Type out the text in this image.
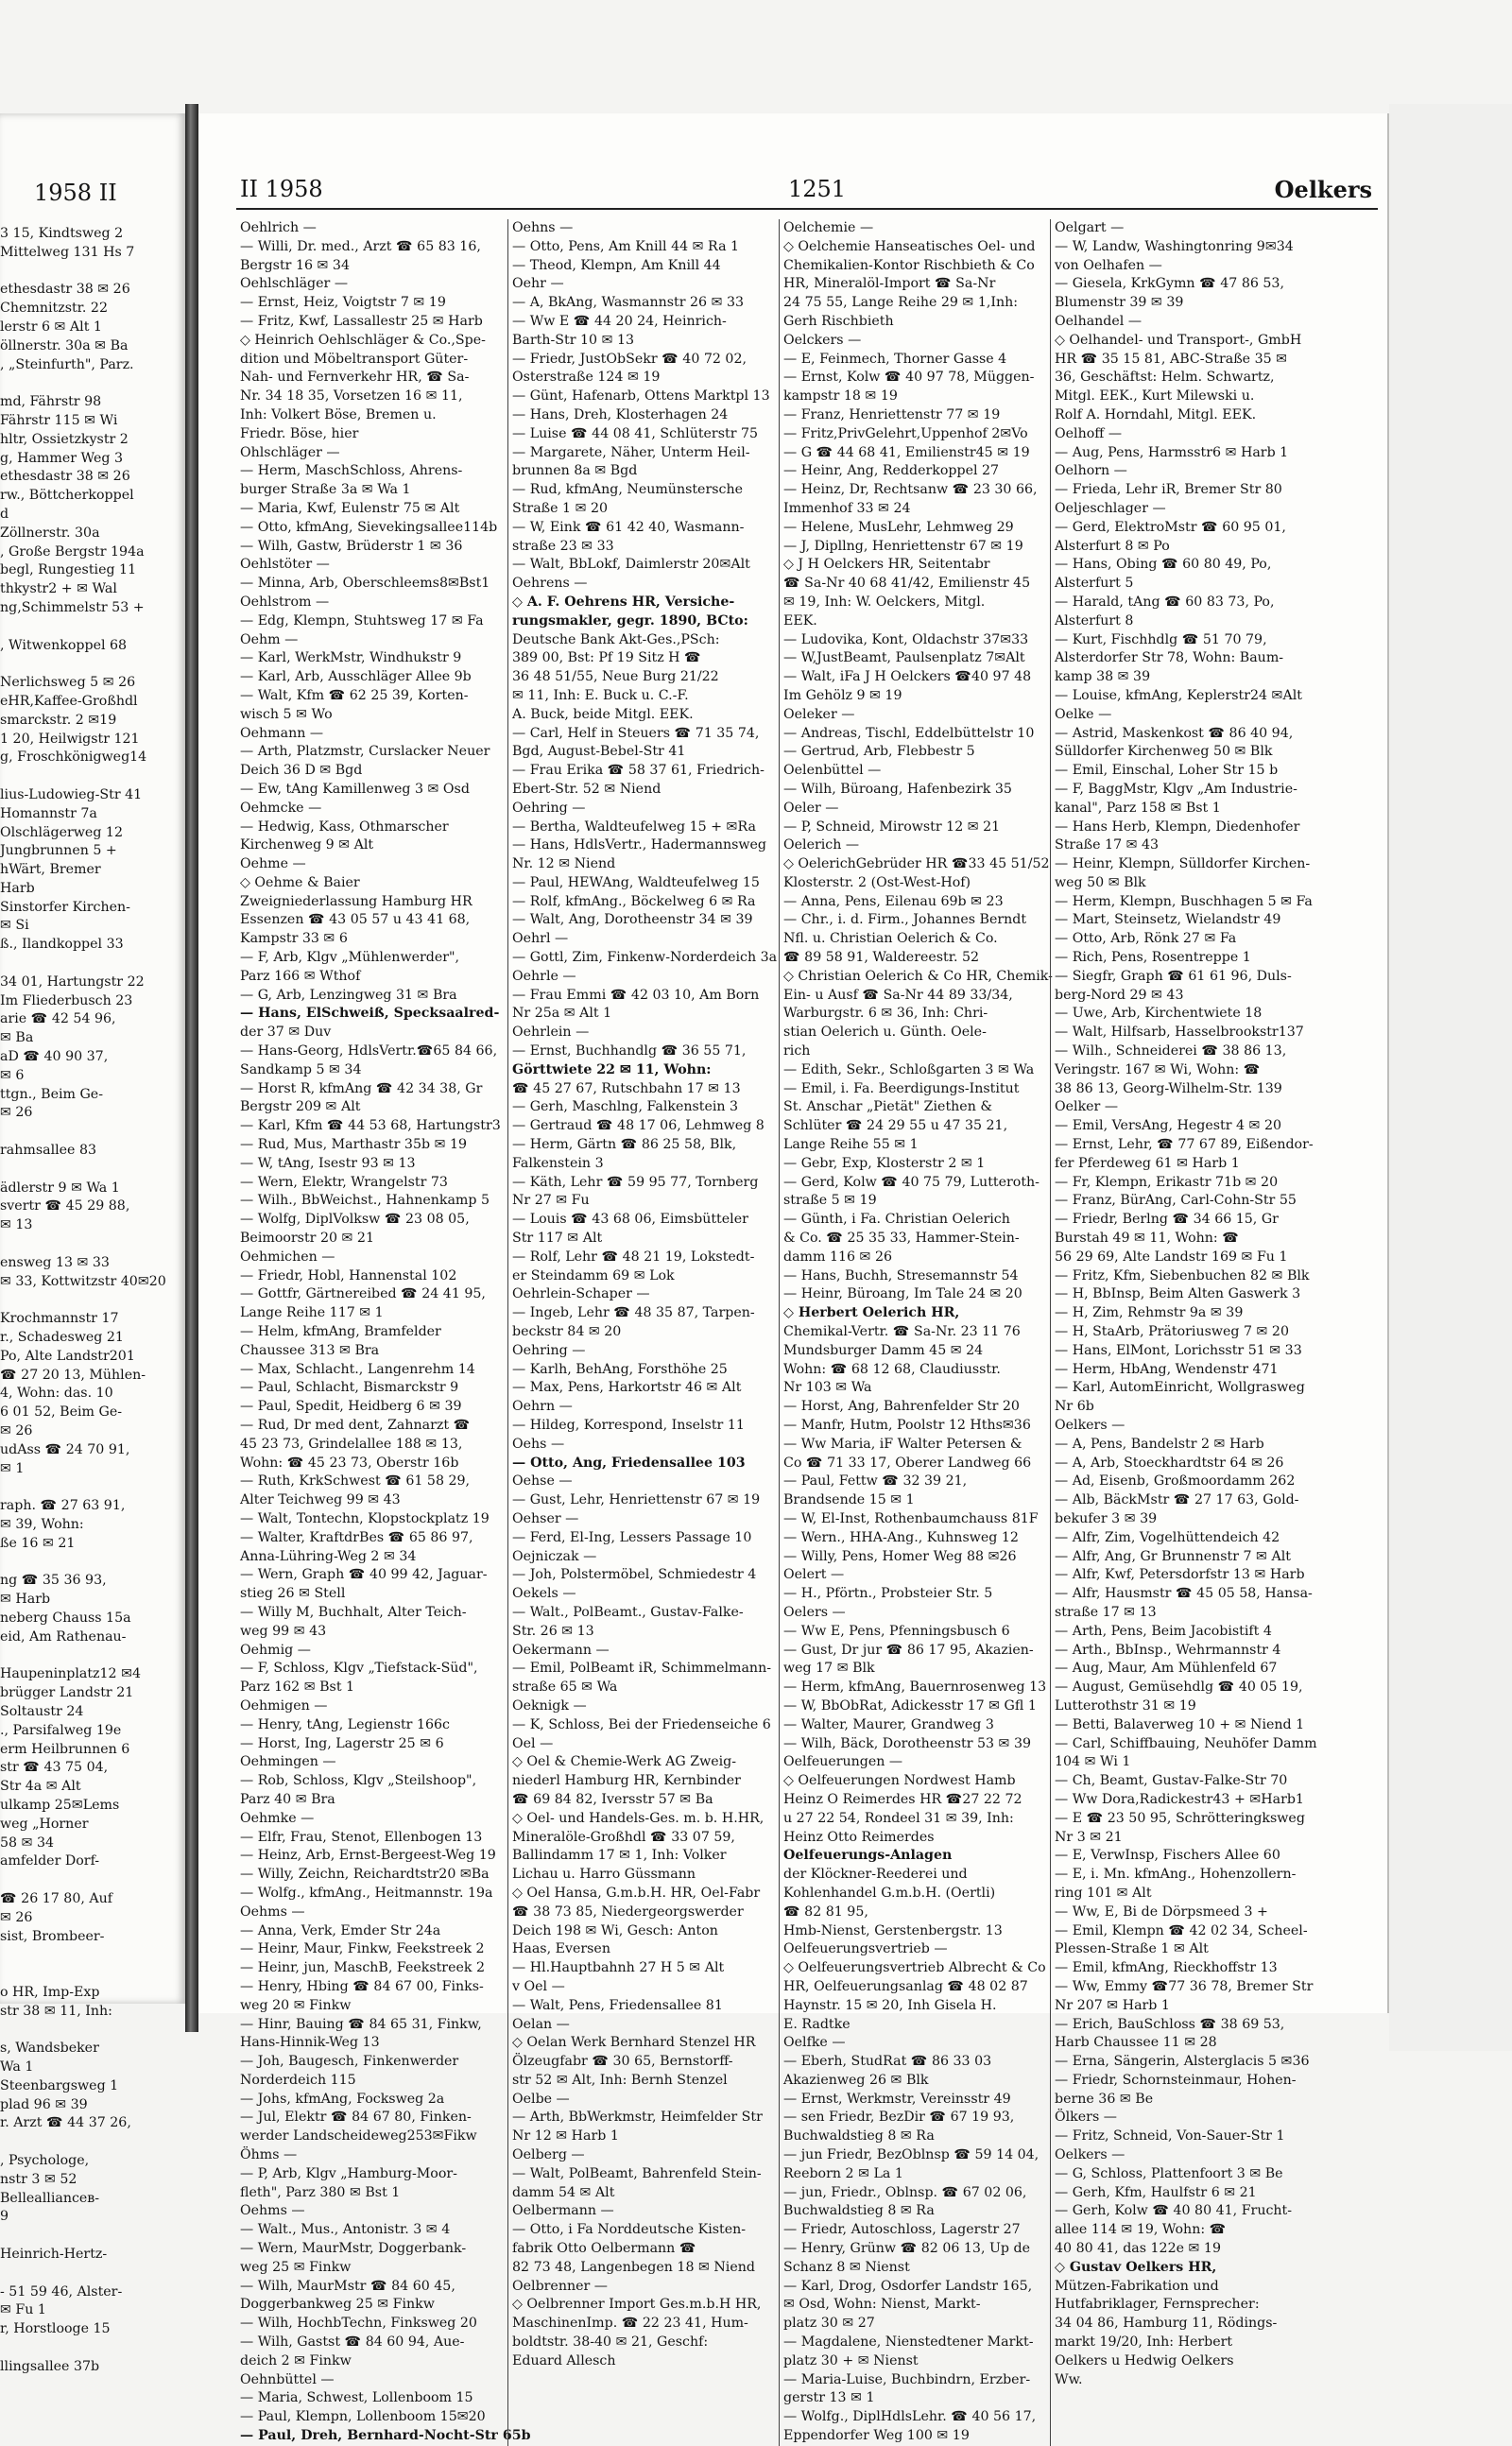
1958 II
3 15, Kindtsweg 2
Mittelweg 131 Hs 7

ethesdastr 38 ✉ 26
Chemnitzstr. 22
lerstr 6 ✉ Alt 1
öllnerstr. 30a ✉ Ba
, „Steinfurth", Parz.

md, Fährstr 98
Fährstr 115 ✉ Wi
hltr, Ossietzkystr 2
g, Hammer Weg 3
ethesdastr 38 ✉ 26
rw., Böttcherkoppel
d
Zöllnerstr. 30a
, Große Bergstr 194a
begl, Rungestieg 11
thkystr2 + ✉ Wal
ng,Schimmelstr 53 +

, Witwenkoppel 68

Nerlichsweg 5 ✉ 26
eHR,Kaffee-Großhdl
smarckstr. 2 ✉19
1 20, Heilwigstr 121
g, Froschkönigweg14

lius-Ludowieg-Str 41
Homannstr 7a
Olschlägerweg 12
Jungbrunnen 5 +
hWärt, Bremer
Harb
Sinstorfer Kirchen-
✉ Si
ß., Ilandkoppel 33

34 01, Hartungstr 22
Im Fliederbusch 23
arie ☎ 42 54 96,
✉ Ba
aD ☎ 40 90 37,
✉ 6
ttgn., Beim Ge-
✉ 26

rahmsallee 83

ädlerstr 9 ✉ Wa 1
svertr ☎ 45 29 88,
✉ 13

ensweg 13 ✉ 33
✉ 33, Kottwitzstr 40✉20

Krochmannstr 17
r., Schadesweg 21
Po, Alte Landstr201
☎ 27 20 13, Mühlen-
4, Wohn: das. 10
6 01 52, Beim Ge-
✉ 26
udAss ☎ 24 70 91,
✉ 1

raph. ☎ 27 63 91,
✉ 39, Wohn:
ße 16 ✉ 21

ng ☎ 35 36 93,
✉ Harb
neberg Chauss 15a
eid, Am Rathenau-

Haupeninplatz12 ✉4
brügger Landstr 21
Soltaustr 24
., Parsifalweg 19e
erm Heilbrunnen 6
str ☎ 43 75 04,
Str 4a ✉ Alt
ulkamp 25✉Lems
weg „Horner
58 ✉ 34
amfelder Dorf-

☎ 26 17 80, Auf
✉ 26
sist, Brombeer-

o HR, Imp-Exp
str 38 ✉ 11, Inh:

s, Wandsbeker
Wa 1
Steenbargsweg 1
plad 96 ✉ 39
r. Arzt ☎ 44 37 26,

, Psychologe,
nstr 3 ✉ 52
Belleallianceв-
9

Heinrich-Hertz-

- 51 59 46, Alster-
✉ Fu 1
r, Horstlooge 15

llingsallee 37b
II 1958	1251	Oelkers
Oehlrich —
— Willi, Dr. med., Arzt ☎ 65 83 16,
Bergstr 16 ✉ 34
Oehlschläger —
— Ernst, Heiz, Voigtstr 7 ✉ 19
— Fritz, Kwf, Lassallestr 25 ✉ Harb
◇ Heinrich Oehlschläger & Co.,Spe-
dition und Möbeltransport Güter-
Nah- und Fernverkehr HR, ☎ Sa-
Nr. 34 18 35, Vorsetzen 16 ✉ 11,
Inh: Volkert Böse, Bremen u.
Friedr. Böse, hier
Ohlschläger —
— Herm, MaschSchloss, Ahrens-
burger Straße 3a ✉ Wa 1
— Maria, Kwf, Eulenstr 75 ✉ Alt
— Otto, kfmAng, Sievekingsallee114b
— Wilh, Gastw, Brüderstr 1 ✉ 36
Oehlstöter —
— Minna, Arb, Oberschleems8✉Bst1
Oehlstrom —
— Edg, Klempn, Stuhtsweg 17 ✉ Fa
Oehm —
— Karl, WerkMstr, Windhukstr 9
— Karl, Arb, Ausschläger Allee 9b
— Walt, Kfm ☎ 62 25 39, Korten-
wisch 5 ✉ Wo
Oehmann —
— Arth, Platzmstr, Curslacker Neuer
Deich 36 D ✉ Bgd
— Ew, tAng Kamillenweg 3 ✉ Osd
Oehmcke —
— Hedwig, Kass, Othmarscher
Kirchenweg 9 ✉ Alt
Oehme —
◇ Oehme & Baier
Zweigniederlassung Hamburg HR
Essenzen ☎ 43 05 57 u 43 41 68,
Kampstr 33 ✉ 6
— F, Arb, Klgv „Mühlenwerder",
Parz 166 ✉ Wthof
— G, Arb, Lenzingweg 31 ✉ Bra
— Hans, ElSchweiß, Specksaalred-
der 37 ✉ Duv
— Hans-Georg, HdlsVertr.☎65 84 66,
Sandkamp 5 ✉ 34
— Horst R, kfmAng ☎ 42 34 38, Gr
Bergstr 209 ✉ Alt
— Karl, Kfm ☎ 44 53 68, Hartungstr3
— Rud, Mus, Marthastr 35b ✉ 19
— W, tAng, Isestr 93 ✉ 13
— Wern, Elektr, Wrangelstr 73
— Wilh., BbWeichst., Hahnenkamp 5
— Wolfg, DiplVolksw ☎ 23 08 05,
Beimoorstr 20 ✉ 21
Oehmichen —
— Friedr, Hobl, Hannenstal 102
— Gottfr, Gärtnereibed ☎ 24 41 95,
Lange Reihe 117 ✉ 1
— Helm, kfmAng, Bramfelder
Chaussee 313 ✉ Bra
— Max, Schlacht., Langenrehm 14
— Paul, Schlacht, Bismarckstr 9
— Paul, Spedit, Heidberg 6 ✉ 39
— Rud, Dr med dent, Zahnarzt ☎
45 23 73, Grindelallee 188 ✉ 13,
Wohn: ☎ 45 23 73, Oberstr 16b
— Ruth, KrkSchwest ☎ 61 58 29,
Alter Teichweg 99 ✉ 43
— Walt, Tontechn, Klopstockplatz 19
— Walter, KraftdrBes ☎ 65 86 97,
Anna-Lühring-Weg 2 ✉ 34
— Wern, Graph ☎ 40 99 42, Jaguar-
stieg 26 ✉ Stell
— Willy M, Buchhalt, Alter Teich-
weg 99 ✉ 43
Oehmig —
— F, Schloss, Klgv „Tiefstack-Süd",
Parz 162 ✉ Bst 1
Oehmigen —
— Henry, tAng, Legienstr 166c
— Horst, Ing, Lagerstr 25 ✉ 6
Oehmingen —
— Rob, Schloss, Klgv „Steilshoop",
Parz 40 ✉ Bra
Oehmke —
— Elfr, Frau, Stenot, Ellenbogen 13
— Heinz, Arb, Ernst-Bergeest-Weg 19
— Willy, Zeichn, Reichardtstr20 ✉Ba
— Wolfg., kfmAng., Heitmannstr. 19a
Oehms —
— Anna, Verk, Emder Str 24a
— Heinr, Maur, Finkw, Feekstreek 2
— Heinr, jun, MaschB, Feekstreek 2
— Henry, Hbing ☎ 84 67 00, Finks-
weg 20 ✉ Finkw
— Hinr, Bauing ☎ 84 65 31, Finkw,
Hans-Hinnik-Weg 13
— Joh, Baugesch, Finkenwerder
Norderdeich 115
— Johs, kfmAng, Focksweg 2a
— Jul, Elektr ☎ 84 67 80, Finken-
werder Landscheideweg253✉Fikw
Öhms —
— P, Arb, Klgv „Hamburg-Moor-
fleth", Parz 380 ✉ Bst 1
Oehms —
— Walt., Mus., Antonistr. 3 ✉ 4
— Wern, MaurMstr, Doggerbank-
weg 25 ✉ Finkw
— Wilh, MaurMstr ☎ 84 60 45,
Doggerbankweg 25 ✉ Finkw
— Wilh, HochbTechn, Finksweg 20
— Wilh, Gastst ☎ 84 60 94, Aue-
deich 2 ✉ Finkw
Oehnbüttel —
— Maria, Schwest, Lollenboom 15
— Paul, Klempn, Lollenboom 15✉20
— Paul, Dreh, Bernhard-Nocht-Str 65b
Oehns —
— Otto, Pens, Am Knill 44 ✉ Ra 1
— Theod, Klempn, Am Knill 44
Oehr —
— A, BkAng, Wasmannstr 26 ✉ 33
— Ww E ☎ 44 20 24, Heinrich-
Barth-Str 10 ✉ 13
— Friedr, JustObSekr ☎ 40 72 02,
Osterstraße 124 ✉ 19
— Günt, Hafenarb, Ottens Marktpl 13
— Hans, Dreh, Klosterhagen 24
— Luise ☎ 44 08 41, Schlüterstr 75
— Margarete, Näher, Unterm Heil-
brunnen 8a ✉ Bgd
— Rud, kfmAng, Neumünstersche
Straße 1 ✉ 20
— W, Eink ☎ 61 42 40, Wasmann-
straße 23 ✉ 33
— Walt, BbLokf, Daimlerstr 20✉Alt
Oehrens —
◇ A. F. Oehrens HR, Versiche-
rungsmakler, gegr. 1890, BCto:
Deutsche Bank Akt-Ges.,PSch:
389 00, Bst: Pf 19 Sitz H ☎
36 48 51/55, Neue Burg 21/22
✉ 11, Inh: E. Buck u. C.-F.
A. Buck, beide Mitgl. EEK.
— Carl, Helf in Steuers ☎ 71 35 74,
Bgd, August-Bebel-Str 41
— Frau Erika ☎ 58 37 61, Friedrich-
Ebert-Str. 52 ✉ Niend
Oehring —
— Bertha, Waldteufelweg 15 + ✉Ra
— Hans, HdlsVertr., Hadermannsweg
Nr. 12 ✉ Niend
— Paul, HEWAng, Waldteufelweg 15
— Rolf, kfmAng., Böckelweg 6 ✉ Ra
— Walt, Ang, Dorotheenstr 34 ✉ 39
Oehrl —
— Gottl, Zim, Finkenw-Norderdeich 3a
Oehrle —
— Frau Emmi ☎ 42 03 10, Am Born
Nr 25a ✉ Alt 1
Oehrlein —
— Ernst, Buchhandlg ☎ 36 55 71,
Görttwiete 22 ✉ 11, Wohn:
☎ 45 27 67, Rutschbahn 17 ✉ 13
— Gerh, Maschlng, Falkenstein 3
— Gertraud ☎ 48 17 06, Lehmweg 8
— Herm, Gärtn ☎ 86 25 58, Blk,
Falkenstein 3
— Käth, Lehr ☎ 59 95 77, Tornberg
Nr 27 ✉ Fu
— Louis ☎ 43 68 06, Eimsbütteler
Str 117 ✉ Alt
— Rolf, Lehr ☎ 48 21 19, Lokstedt-
er Steindamm 69 ✉ Lok
Oehrlein-Schaper —
— Ingeb, Lehr ☎ 48 35 87, Tarpen-
beckstr 84 ✉ 20
Oehring —
— Karlh, BehAng, Forsthöhe 25
— Max, Pens, Harkortstr 46 ✉ Alt
Oehrn —
— Hildeg, Korrespond, Inselstr 11
Oehs —
— Otto, Ang, Friedensallee 103
Oehse —
— Gust, Lehr, Henriettenstr 67 ✉ 19
Oehser —
— Ferd, El-Ing, Lessers Passage 10
Oejniczak —
— Joh, Polstermöbel, Schmiedestr 4
Oekels —
— Walt., PolBeamt., Gustav-Falke-
Str. 26 ✉ 13
Oekermann —
— Emil, PolBeamt iR, Schimmelmann-
straße 65 ✉ Wa
Oeknigk —
— K, Schloss, Bei der Friedenseiche 6
Oel —
◇ Oel & Chemie-Werk AG Zweig-
niederl Hamburg HR, Kernbinder
☎ 69 84 82, Iversstr 57 ✉ Ba
◇ Oel- und Handels-Ges. m. b. H.HR,
Mineralöle-Großhdl ☎ 33 07 59,
Ballindamm 17 ✉ 1, Inh: Volker
Lichau u. Harro Güssmann
◇ Oel Hansa, G.m.b.H. HR, Oel-Fabr
☎ 38 73 85, Niedergeorgswerder
Deich 198 ✉ Wi, Gesch: Anton
Haas, Eversen
— Hl.Hauptbahnh 27 H 5 ✉ Alt
v Oel —
— Walt, Pens, Friedensallee 81
Oelan —
◇ Oelan Werk Bernhard Stenzel HR
Ölzeugfabr ☎ 30 65, Bernstorff-
str 52 ✉ Alt, Inh: Bernh Stenzel
Oelbe —
— Arth, BbWerkmstr, Heimfelder Str
Nr 12 ✉ Harb 1
Oelberg —
— Walt, PolBeamt, Bahrenfeld Stein-
damm 54 ✉ Alt
Oelbermann —
— Otto, i Fa Norddeutsche Kisten-
fabrik Otto Oelbermann ☎
82 73 48, Langenbegen 18 ✉ Niend
Oelbrenner —
◇ Oelbrenner Import Ges.m.b.H HR,
MaschinenImp. ☎ 22 23 41, Hum-
boldtstr. 38-40 ✉ 21, Geschf:
Eduard Allesch
Oelchemie —
◇ Oelchemie Hanseatisches Oel- und
Chemikalien-Kontor Rischbieth & Co
HR, Mineralöl-Import ☎ Sa-Nr
24 75 55, Lange Reihe 29 ✉ 1,Inh:
Gerh Rischbieth
Oelckers —
— E, Feinmech, Thorner Gasse 4
— Ernst, Kolw ☎ 40 97 78, Müggen-
kampstr 18 ✉ 19
— Franz, Henriettenstr 77 ✉ 19
— Fritz,PrivGelehrt,Uppenhof 2✉Vo
— G ☎ 44 68 41, Emilienstr45 ✉ 19
— Heinr, Ang, Redderkoppel 27
— Heinz, Dr, Rechtsanw ☎ 23 30 66,
Immenhof 33 ✉ 24
— Helene, MusLehr, Lehmweg 29
— J, Dipllng, Henriettenstr 67 ✉ 19
◇ J H Oelckers HR, Seitentabr
☎ Sa-Nr 40 68 41/42, Emilienstr 45
✉ 19, Inh: W. Oelckers, Mitgl.
EEK.
— Ludovika, Kont, Oldachstr 37✉33
— W,JustBeamt, Paulsenplatz 7✉Alt
— Walt, iFa J H Oelckers ☎40 97 48
Im Gehölz 9 ✉ 19
Oeleker —
— Andreas, Tischl, Eddelbüttelstr 10
— Gertrud, Arb, Flebbestr 5
Oelenbüttel —
— Wilh, Büroang, Hafenbezirk 35
Oeler —
— P, Schneid, Mirowstr 12 ✉ 21
Oelerich —
◇ OelerichGebrüder HR ☎33 45 51/52
Klosterstr. 2 (Ost-West-Hof)
— Anna, Pens, Eilenau 69b ✉ 23
— Chr., i. d. Firm., Johannes Berndt
Nfl. u. Christian Oelerich & Co.
☎ 89 58 91, Waldereestr. 52
◇ Christian Oelerich & Co HR, Chemik-
Ein- u Ausf ☎ Sa-Nr 44 89 33/34,
Warburgstr. 6 ✉ 36, Inh: Chri-
stian Oelerich u. Günth. Oele-
rich
— Edith, Sekr., Schloßgarten 3 ✉ Wa
— Emil, i. Fa. Beerdigungs-Institut
St. Anschar „Pietät" Ziethen &
Schlüter ☎ 24 29 55 u 47 35 21,
Lange Reihe 55 ✉ 1
— Gebr, Exp, Klosterstr 2 ✉ 1
— Gerd, Kolw ☎ 40 75 79, Lutteroth-
straße 5 ✉ 19
— Günth, i Fa. Christian Oelerich
& Co. ☎ 25 35 33, Hammer-Stein-
damm 116 ✉ 26
— Hans, Buchh, Stresemannstr 54
— Heinr, Büroang, Im Tale 24 ✉ 20
◇ Herbert Oelerich HR,
Chemikal-Vertr. ☎ Sa-Nr. 23 11 76
Mundsburger Damm 45 ✉ 24
Wohn: ☎ 68 12 68, Claudiusstr.
Nr 103 ✉ Wa
— Horst, Ang, Bahrenfelder Str 20
— Manfr, Hutm, Poolstr 12 Hths✉36
— Ww Maria, iF Walter Petersen &
Co ☎ 71 33 17, Oberer Landweg 66
— Paul, Fettw ☎ 32 39 21,
Brandsende 15 ✉ 1
— W, El-Inst, Rothenbaumchauss 81F
— Wern., HHA-Ang., Kuhnsweg 12
— Willy, Pens, Homer Weg 88 ✉26
Oelert —
— H., Pförtn., Probsteier Str. 5
Oelers —
— Ww E, Pens, Pfenningsbusch 6
— Gust, Dr jur ☎ 86 17 95, Akazien-
weg 17 ✉ Blk
— Herm, kfmAng, Bauernrosenweg 13
— W, BbObRat, Adickesstr 17 ✉ Gfl 1
— Walter, Maurer, Grandweg 3
— Wilh, Bäck, Dorotheenstr 53 ✉ 39
Oelfeuerungen —
◇ Oelfeuerungen Nordwest Hamb
Heinz O Reimerdes HR ☎27 22 72
u 27 22 54, Rondeel 31 ✉ 39, Inh:
Heinz Otto Reimerdes
Oelfeuerungs-Anlagen
der Klöckner-Reederei und
Kohlenhandel G.m.b.H. (Oertli)
☎ 82 81 95,
Hmb-Nienst, Gerstenbergstr. 13
Oelfeuerungsvertrieb —
◇ Oelfeuerungsvertrieb Albrecht & Co
HR, Oelfeuerungsanlag ☎ 48 02 87
Haynstr. 15 ✉ 20, Inh Gisela H.
E. Radtke
Oelfke —
— Eberh, StudRat ☎ 86 33 03
Akazienweg 26 ✉ Blk
— Ernst, Werkmstr, Vereinsstr 49
— sen Friedr, BezDir ☎ 67 19 93,
Buchwaldstieg 8 ✉ Ra
— jun Friedr, BezOblnsp ☎ 59 14 04,
Reeborn 2 ✉ La 1
— jun, Friedr., Oblnsp. ☎ 67 02 06,
Buchwaldstieg 8 ✉ Ra
— Friedr, Autoschloss, Lagerstr 27
— Henry, Grünw ☎ 82 06 13, Up de
Schanz 8 ✉ Nienst
— Karl, Drog, Osdorfer Landstr 165,
✉ Osd, Wohn: Nienst, Markt-
platz 30 ✉ 27
— Magdalene, Nienstedtener Markt-
platz 30 + ✉ Nienst
— Maria-Luise, Buchbindrn, Erzber-
gerstr 13 ✉ 1
— Wolfg., DiplHdlsLehr. ☎ 40 56 17,
Eppendorfer Weg 100 ✉ 19
Oelgart —
— W, Landw, Washingtonring 9✉34
von Oelhafen —
— Giesela, KrkGymn ☎ 47 86 53,
Blumenstr 39 ✉ 39
Oelhandel —
◇ Oelhandel- und Transport-, GmbH
HR ☎ 35 15 81, ABC-Straße 35 ✉
36, Geschäftst: Helm. Schwartz,
Mitgl. EEK., Kurt Milewski u.
Rolf A. Horndahl, Mitgl. EEK.
Oelhoff —
— Aug, Pens, Harmsstr6 ✉ Harb 1
Oelhorn —
— Frieda, Lehr iR, Bremer Str 80
Oeljeschlager —
— Gerd, ElektroMstr ☎ 60 95 01,
Alsterfurt 8 ✉ Po
— Hans, Obing ☎ 60 80 49, Po,
Alsterfurt 5
— Harald, tAng ☎ 60 83 73, Po,
Alsterfurt 8
— Kurt, Fischhdlg ☎ 51 70 79,
Alsterdorfer Str 78, Wohn: Baum-
kamp 38 ✉ 39
— Louise, kfmAng, Keplerstr24 ✉Alt
Oelke —
— Astrid, Maskenkost ☎ 86 40 94,
Sülldorfer Kirchenweg 50 ✉ Blk
— Emil, Einschal, Loher Str 15 b
— F, BaggMstr, Klgv „Am Industrie-
kanal", Parz 158 ✉ Bst 1
— Hans Herb, Klempn, Diedenhofer
Straße 17 ✉ 43
— Heinr, Klempn, Sülldorfer Kirchen-
weg 50 ✉ Blk
— Herm, Klempn, Buschhagen 5 ✉ Fa
— Mart, Steinsetz, Wielandstr 49
— Otto, Arb, Rönk 27 ✉ Fa
— Rich, Pens, Rosentreppe 1
— Siegfr, Graph ☎ 61 61 96, Duls-
berg-Nord 29 ✉ 43
— Uwe, Arb, Kirchentwiete 18
— Walt, Hilfsarb, Hasselbrookstr137
— Wilh., Schneiderei ☎ 38 86 13,
Veringstr. 167 ✉ Wi, Wohn: ☎
38 86 13, Georg-Wilhelm-Str. 139
Oelker —
— Emil, VersAng, Hegestr 4 ✉ 20
— Ernst, Lehr, ☎ 77 67 89, Eißendor-
fer Pferdeweg 61 ✉ Harb 1
— Fr, Klempn, Erikastr 71b ✉ 20
— Franz, BürAng, Carl-Cohn-Str 55
— Friedr, Berlng ☎ 34 66 15, Gr
Burstah 49 ✉ 11, Wohn: ☎
56 29 69, Alte Landstr 169 ✉ Fu 1
— Fritz, Kfm, Siebenbuchen 82 ✉ Blk
— H, BbInsp, Beim Alten Gaswerk 3
— H, Zim, Rehmstr 9a ✉ 39
— H, StaArb, Prätoriusweg 7 ✉ 20
— Hans, ElMont, Lorichsstr 51 ✉ 33
— Herm, HbAng, Wendenstr 471
— Karl, AutomEinricht, Wollgrasweg
Nr 6b
Oelkers —
— A, Pens, Bandelstr 2 ✉ Harb
— A, Arb, Stoeckhardtstr 64 ✉ 26
— Ad, Eisenb, Großmoordamm 262
— Alb, BäckMstr ☎ 27 17 63, Gold-
bekufer 3 ✉ 39
— Alfr, Zim, Vogelhüttendeich 42
— Alfr, Ang, Gr Brunnenstr 7 ✉ Alt
— Alfr, Kwf, Petersdorfstr 13 ✉ Harb
— Alfr, Hausmstr ☎ 45 05 58, Hansa-
straße 17 ✉ 13
— Arth, Pens, Beim Jacobistift 4
— Arth., BbInsp., Wehrmannstr 4
— Aug, Maur, Am Mühlenfeld 67
— August, Gemüsehdlg ☎ 40 05 19,
Lutterothstr 31 ✉ 19
— Betti, Balaverweg 10 + ✉ Niend 1
— Carl, Schiffbauing, Neuhöfer Damm
104 ✉ Wi 1
— Ch, Beamt, Gustav-Falke-Str 70
— Ww Dora,Radickestr43 + ✉Harb1
— E ☎ 23 50 95, Schrötteringksweg
Nr 3 ✉ 21
— E, VerwInsp, Fischers Allee 60
— E, i. Mn. kfmAng., Hohenzollern-
ring 101 ✉ Alt
— Ww, E, Bi de Dörpsmeed 3 +
— Emil, Klempn ☎ 42 02 34, Scheel-
Plessen-Straße 1 ✉ Alt
— Emil, kfmAng, Rieckhoffstr 13
— Ww, Emmy ☎77 36 78, Bremer Str
Nr 207 ✉ Harb 1
— Erich, BauSchloss ☎ 38 69 53,
Harb Chaussee 11 ✉ 28
— Erna, Sängerin, Alsterglacis 5 ✉36
— Friedr, Schornsteinmaur, Hohen-
berne 36 ✉ Be
Ölkers —
— Fritz, Schneid, Von-Sauer-Str 1
Oelkers —
— G, Schloss, Plattenfoort 3 ✉ Be
— Gerh, Kfm, Haulfstr 6 ✉ 21
— Gerh, Kolw ☎ 40 80 41, Frucht-
allee 114 ✉ 19, Wohn: ☎
40 80 41, das 122e ✉ 19
◇ Gustav Oelkers HR,
Mützen-Fabrikation und
Hutfabriklager, Fernsprecher:
34 04 86, Hamburg 11, Rödings-
markt 19/20, Inh: Herbert
Oelkers u Hedwig Oelkers
Ww.
